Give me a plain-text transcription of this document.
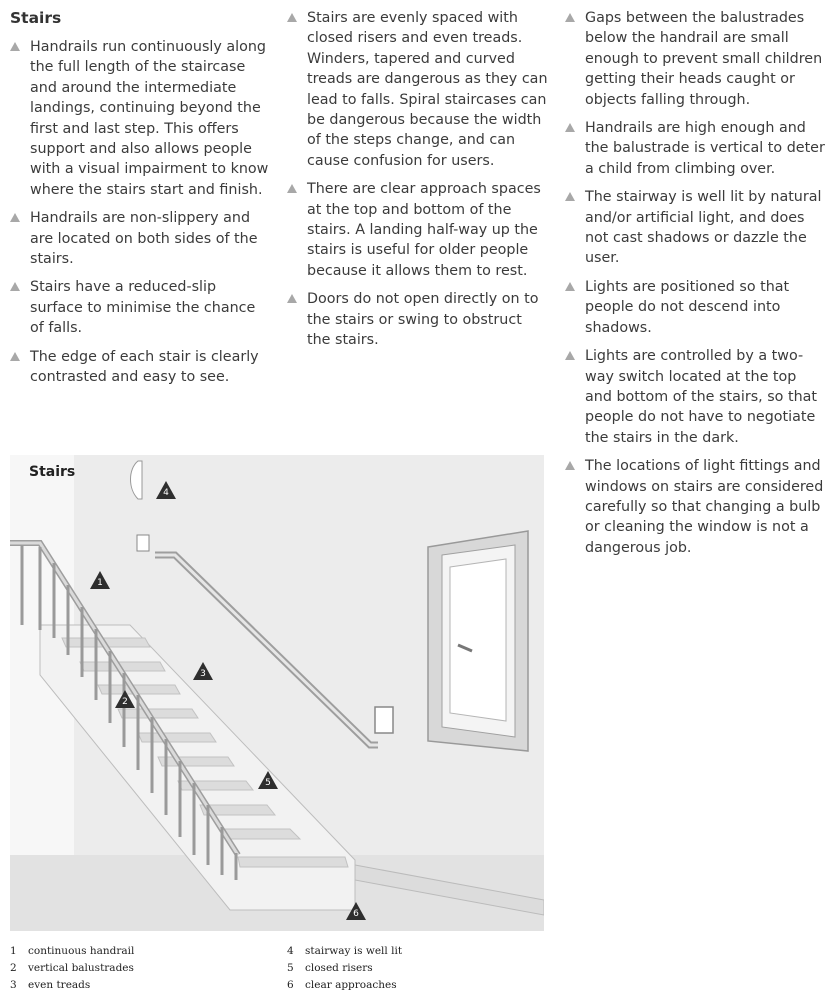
Stairs
Handrails run continuously along the full length of the staircase and around the intermediate landings, continuing beyond the first and last step. This offers support and also allows people with a visual impairment to know where the stairs start and finish.
Handrails are non-slippery and are located on both sides of the stairs.
Stairs have a reduced-slip surface to minimise the chance of falls.
The edge of each stair is clearly contrasted and easy to see.
Stairs are evenly spaced with closed risers and even treads. Winders, tapered and curved treads are dangerous as they can lead to falls. Spiral staircases can be dangerous because the width of the steps change, and can cause confusion for users.
There are clear approach spaces at the top and bottom of the stairs. A landing half-way up the stairs is useful for older people because it allows them to rest.
Doors do not open directly on to the stairs or swing to obstruct the stairs.
Gaps between the balustrades below the handrail are small enough to prevent small children getting their heads caught or objects falling through.
Handrails are high enough and the balustrade is vertical to deter a child from climbing over.
The stairway is well lit by natural and/or artificial light, and does not cast shadows or dazzle the user.
Lights are positioned so that people do not descend into shadows.
Lights are controlled by a two-way switch located at the top and bottom of the stairs, so that people do not have to negotiate the stairs in the dark.
The locations of light fittings and windows on stairs are considered carefully so that changing a bulb or cleaning the window is not a dangerous job.
Stairs
1
2
3
4
5
6
1	continuous handrail
2	vertical balustrades
3	even treads
4	stairway is well lit
5	closed risers
6	clear approaches
